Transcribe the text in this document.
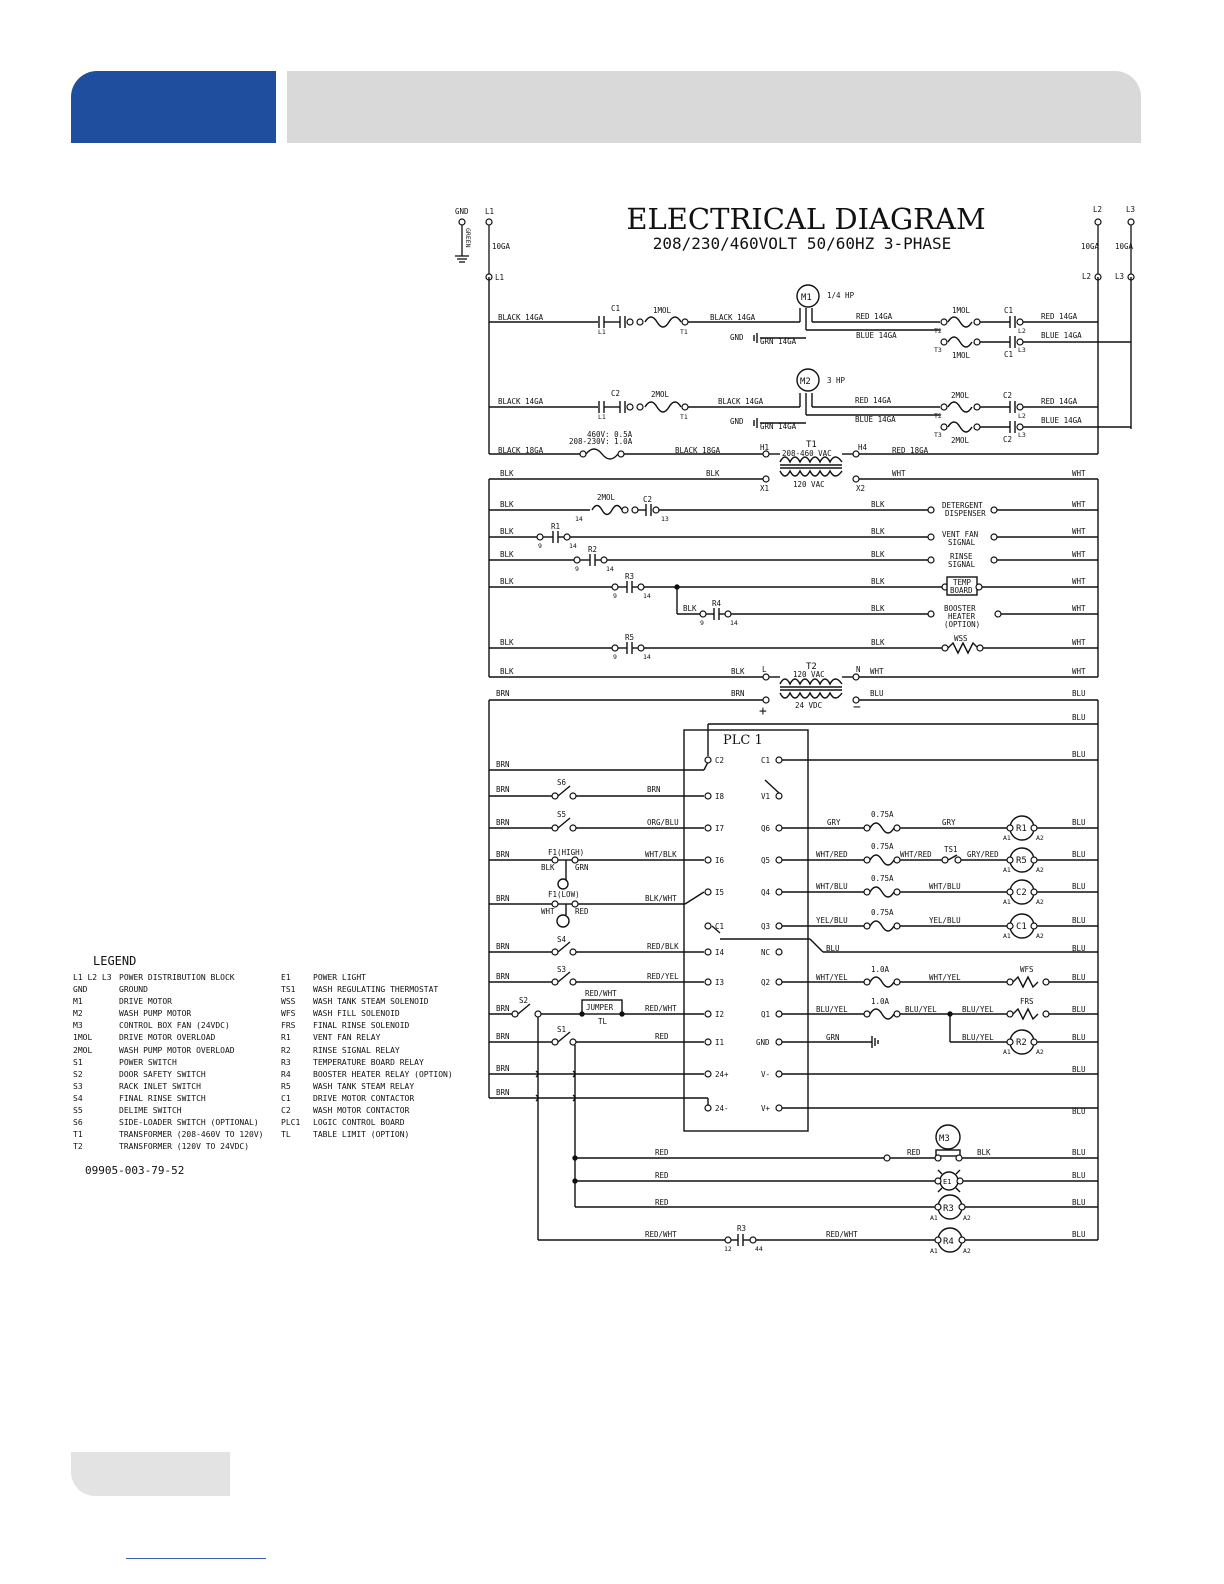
ELECTRICAL DIAGRAM
208/230/460VOLT 50/60HZ 3-PHASE
GND
GREEN
L1
10GA
L1
L2	L3
10GA 10GA
L2	L3
BLACK 14GA
C1
L1
1MOL
T1
BLACK 14GA
M1 1/4 HP
GND GRN 14GA
RED 14GA
BLUE 14GA
1MOL
1MOL
T2
T3
C1
C1
L2
L3
RED 14GA
BLUE 14GA
BLACK 14GA
C2
L1
2MOL
T1
BLACK 14GA
M2 3 HP
GND
GRN 14GA
RED 14GA
BLUE 14GA
2MOL
2MOL
T2
T3
C2
C2
L2
L3
RED 14GA
BLUE 14GA
460V: 0.5A
208-230V: 1.0A
BLACK 18GA	BLACK 18GA	H1	T1
208-460 VAC
H4	RED 18GA
X1	120 VAC	X2
BLK	BLK	WHT	WHT
BLK
2MOL	C2
14	13
BLK	DETERGENT
DISPENSER
WHT
BLK
R1
9	14
BLK	VENT FAN
SIGNAL
WHT
BLK
R2
9	14
BLK	RINSE
SIGNAL
WHT
BLK
R3
9	14
BLK	TEMP
BOARD
WHT
BLK
R4
9	14
BLK	BOOSTER
HEATER
(OPTION)
WHT
BLK
R5
9	14
BLK	WSS	WHT
BLK	BLK L	T2
120 VAC
N WHT	WHT
+	24 VDC −
BRN	BRN	BLU	BLU
BLU
BLU
PLC 1
C2
I8
I7
I6
I5
C1
I4
I3
I2
I1
24+
24-
C1
V1
Q6
Q5
Q4
Q3
NC
Q2
Q1
GND
V-
V+
BRN
BRN
S6
BRN
BRN
S5
ORG/BLU
BRN	F1(HIGH)
BLK	GRN
WHT/BLK
BRN	F1(LOW)
WHT	RED
BLK/WHT
BRN
S4
RED/BLK
BRN
S3
RED/YEL
BRN
S2
RED/WHT
JUMPER
TL
RED/WHT
BRN
S1
RED
BRN
BRN
GRY
0.75A
GRY
R1
A1	A2
BLU
WHT/RED
0.75A
WHT/RED
TS1
GRY/RED
R5
A1	A2
BLU
WHT/BLU
0.75A
WHT/BLU
C2
A1	A2
BLU
YEL/BLU
0.75A
YEL/BLU
C1
A1	A2
BLU
BLU	BLU
WHT/YEL
1.0A
WHT/YEL
WFS
BLU
BLU/YEL
1.0A
BLU/YEL	BLU/YEL
FRS
BLU
GRN	BLU/YEL
R2
A1	A2
BLU
BLU
BLU
M3
RED	RED	BLK	BLU
RED
E1
BLU
RED
R3
A1	A2
BLU
RED/WHT
R3
12	44
RED/WHT
R4
A1	A2
BLU
LEGEND
L1 L2 L3 POWER DISTRIBUTION BLOCK
GND	GROUND
M1	DRIVE MOTOR
M2	WASH PUMP MOTOR
M3	CONTROL BOX FAN (24VDC)
1MOL	DRIVE MOTOR OVERLOAD
2MOL	WASH PUMP MOTOR OVERLOAD
S1	POWER SWITCH
S2	DOOR SAFETY SWITCH
S3	RACK INLET SWITCH
S4	FINAL RINSE SWITCH
S5	DELIME SWITCH
S6	SIDE-LOADER SWITCH (OPTIONAL)
T1	TRANSFORMER (208-460V TO 120V)
T2	TRANSFORMER (120V TO 24VDC)
E1	POWER LIGHT
TS1 WASH REGULATING THERMOSTAT
WSS WASH TANK STEAM SOLENOID
WFS WASH FILL SOLENOID
FRS FINAL RINSE SOLENOID
R1	VENT FAN RELAY
R2	RINSE SIGNAL RELAY
R3	TEMPERATURE BOARD RELAY
R4	BOOSTER HEATER RELAY (OPTION)
R5	WASH TANK STEAM RELAY
C1	DRIVE MOTOR CONTACTOR
C2	WASH MOTOR CONTACTOR
PLC1 LOGIC CONTROL BOARD
TL	TABLE LIMIT (OPTION)
09905-003-79-52
